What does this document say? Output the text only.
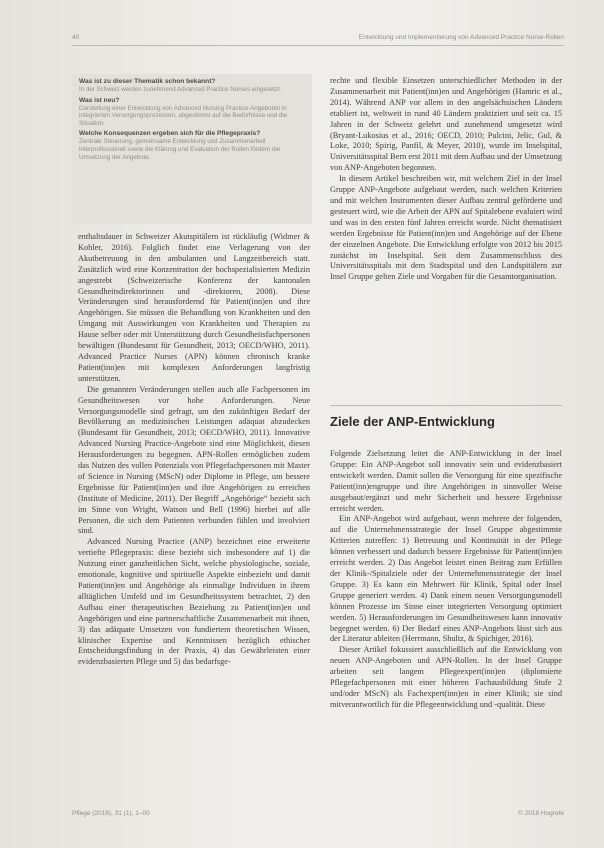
40	Entwicklung und Implementierung von Advanced Practice Nurse-Rollen
Was ist zu dieser Thematik schon bekannt?
In der Schweiz werden zunehmend Advanced Practice Nurses eingesetzt.
Was ist neu?
Darstellung einer Entwicklung von Advanced Nursing Practice-Angeboten in integrierten Versorgungsprozessen, abgestimmt auf die Bedürfnisse und die Situation.
Welche Konsequenzen ergeben sich für die Pflegepraxis?
Zentrale Steuerung, gemeinsame Entwicklung und Zusammenarbeit interprofessionell sowie die Klärung und Evaluation der Rollen fördern die Umsetzung der Angebote.

enthaltsdauer in Schweizer Akutspitälern ist rückläufig (Widmer & Kohler, 2016). Folglich findet eine Verlagerung von der Akutbetreuung in den ambulanten und Langzeitbereich statt. Zusätzlich wird eine Konzentration der hochspezialisierten Medizin angestrebt (Schweizerische Konferenz der kantonalen Gesundheitsdirektorinnen und -direktoren, 2008). Diese Veränderungen sind herausfordernd für Patient(inn)en und ihre Angehörigen. Sie müssen die Behandlung von Krankheiten und den Umgang mit Auswirkungen von Krankheiten und Therapien zu Hause selber oder mit Unterstützung durch Gesundheitsfachpersonen bewältigen (Bundesamt für Gesundheit, 2013; OECD/WHO, 2011). Advanced Practice Nurses (APN) können chronisch kranke Patient(inn)en mit komplexen Anforderungen langfristig unterstützen.

Die genannten Veränderungen stellen auch alle Fachpersonen im Gesundheitswesen vor hohe Anforderungen. Neue Versorgungsmodelle sind gefragt, um den zukünftigen Bedarf der Bevölkerung an medizinischen Leistungen adäquat abzudecken (Bundesamt für Gesundheit, 2013; OECD/WHO, 2011). Innovative Advanced Nursing Practice-Angebote sind eine Möglichkeit, diesen Herausforderungen zu begegnen. APN-Rollen ermöglichen zudem das Nutzen des vollen Potenzials von Pflegefachpersonen mit Master of Science in Nursing (MScN) oder Diplome in Pflege, um bessere Ergebnisse für Patient(inn)en und ihre Angehörigen zu erreichen (Institute of Medicine, 2011). Der Begriff „Angehörige“ bezieht sich im Sinne von Wright, Watson und Bell (1996) hierbei auf alle Personen, die sich dem Patienten verbunden fühlen und involviert sind.

Advanced Nursing Practice (ANP) bezeichnet eine erweiterte vertiefte Pflegepraxis: diese bezieht sich insbesondere auf 1) die Nutzung einer ganzheitlichen Sicht, welche physiologische, soziale, emotionale, kognitive und spirituelle Aspekte einbezieht und damit Patient(inn)en und Angehörige als einmalige Individuen in ihrem alltäglichen Umfeld und im Gesundheitssystem betrachtet, 2) den Aufbau einer therapeutischen Beziehung zu Patient(inn)en und Angehörigen und eine partnerschaftliche Zusammenarbeit mit ihnen, 3) das adäquate Umsetzen von fundiertem theoretischen Wissen, klinischer Expertise und Kenntnissen bezüglich ethischer Entscheidungsfindung in der Praxis, 4) das Gewährleisten einer evidenzbasierten Pflege und 5) das bedarfsge-

rechte und flexible Einsetzen unterschiedlicher Methoden in der Zusammenarbeit mit Patient(inn)en und Angehörigen (Hamric et al., 2014). Während ANP vor allem in den angelsächsischen Ländern etabliert ist, weltweit in rund 40 Ländern praktiziert und seit ca. 15 Jahren in der Schweiz gelehrt und zunehmend umgesetzt wird (Bryant-Lukosius et al., 2016; OECD, 2010; Pulcini, Jelic, Gul, & Loke, 2010; Spirig, Panfil, & Meyer, 2010), wurde im Inselspital, Universitätsspital Bern erst 2011 mit dem Aufbau und der Umsetzung von ANP-Angeboten begonnen.

In diesem Artikel beschreiben wir, mit welchem Ziel in der Insel Gruppe ANP-Angebote aufgebaut werden, nach welchen Kriterien und mit welchen Instrumenten dieser Aufbau zentral geförderte und gesteuert wird, wie die Arbeit der APN auf Spitalebene evaluiert wird und was in den ersten fünf Jahren erreicht wurde. Nicht thematisiert werden Ergebnisse für Patient(inn)en und Angehörige auf der Ebene der einzelnen Angebote. Die Entwicklung erfolgte von 2012 bis 2015 zunächst im Inselspital. Seit dem Zusammenschluss des Universitätsspitals mit dem Stadtspital und den Landspitälern zur Insel Gruppe gelten Ziele und Vorgaben für die Gesamtorganisation.

Ziele der ANP-Entwicklung

Folgende Zielsetzung leitet die ANP-Entwicklung in der Insel Gruppe: Ein ANP-Angebot soll innovativ sein und evidenzbasiert entwickelt werden. Damit sollen die Versorgung für eine spezifische Patient(inn)engruppe und ihre Angehörigen in sinnvoller Weise ausgebaut/ergänzt und mehr Sicherheit und bessere Ergebnisse erreicht werden.

Ein ANP-Angebot wird aufgebaut, wenn mehrere der folgenden, auf die Unternehmensstrategie der Insel Gruppe abgestimmte Kriterien zutreffen: 1) Betreuung und Kontinuität in der Pflege können verbessert und dadurch bessere Ergebnisse für Patient(inn)en erreicht werden. 2) Das Angebot leistet einen Beitrag zum Erfüllen der Klinik-/Spitalziele oder der Unternehmensstrategie der Insel Gruppe. 3) Es kann ein Mehrwert für Klinik, Spital oder Insel Gruppe generiert werden. 4) Dank einem neuen Versorgungsmodell können Prozesse im Sinne einer integrierten Versorgung optimiert werden. 5) Herausforderungen im Gesundheitswesen kann innovativ begegnet werden. 6) Der Bedarf eines ANP-Angebots lässt sich aus der Literatur ableiten (Herrmann, Shultz, & Spichiger, 2016).

Dieser Artikel fokussiert ausschließlich auf die Entwicklung von neuen ANP-Angeboten und APN-Rollen. In der Insel Gruppe arbeiten seit langem Pflegeexpert(inn)en (diplomierte Pflegefachpersonen mit einer höheren Fachausbildung Stufe 2 und/oder MScN) als Fachexpert(inn)en in einer Klinik; sie sind mitverantwortlich für die Pflegeentwicklung und -qualität. Diese

Pflege (2018), 31 (1), 1–00	© 2018 Hogrefe
